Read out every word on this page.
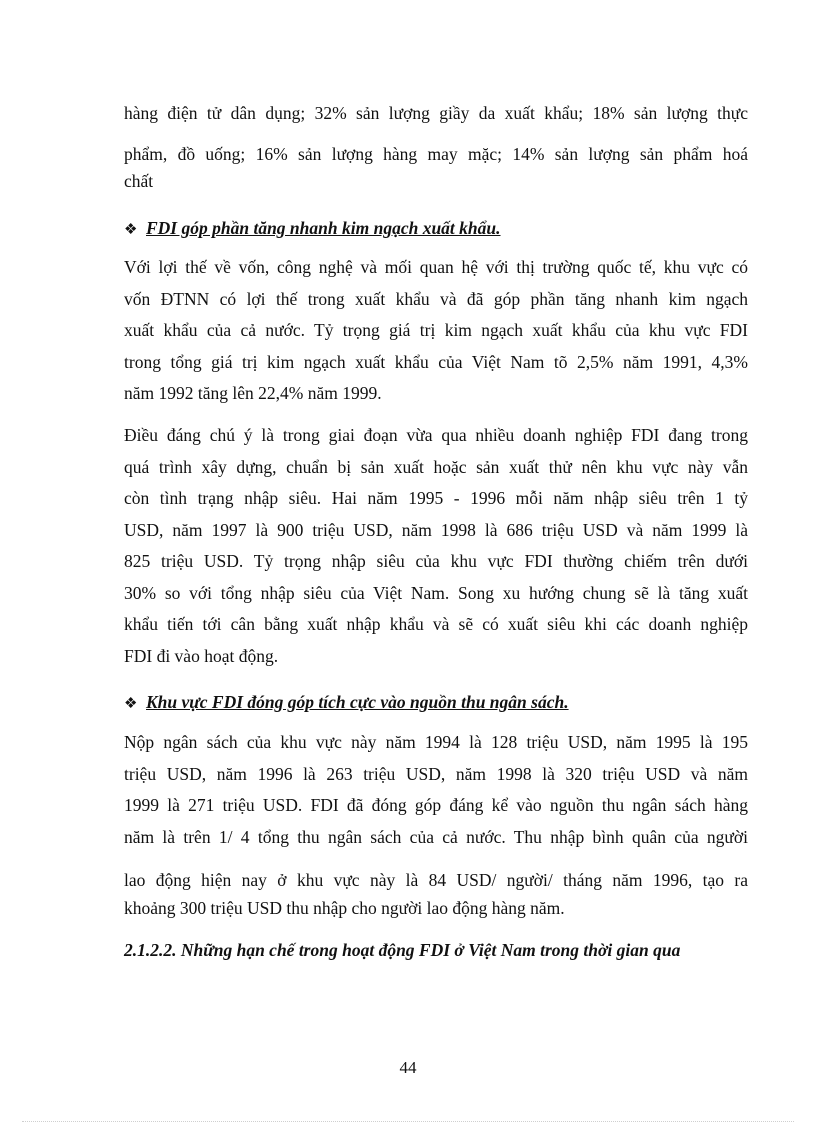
hàng điện tử dân dụng; 32% sản lượng giầy da xuất khẩu; 18% sản lượng thực
phẩm, đồ uống; 16% sản lượng hàng may mặc; 14% sản lượng sản phẩm hoá
chất
❖ FDI góp phần tăng nhanh kim ngạch xuất khẩu.
Với lợi thế về vốn, công nghệ và mối quan hệ với thị trường quốc tế, khu vực có
vốn ĐTNN có lợi thế trong xuất khẩu và đã góp phần tăng nhanh kim ngạch
xuất khẩu của cả nước. Tỷ trọng giá trị kim ngạch xuất khẩu của khu vực FDI
trong tổng giá trị kim ngạch xuất khẩu của Việt Nam tõ 2,5% năm 1991, 4,3%
năm 1992 tăng lên 22,4% năm 1999.
Điều đáng chú ý là trong giai đoạn vừa qua nhiều doanh nghiệp FDI đang trong
quá trình xây dựng, chuẩn bị sản xuất hoặc sản xuất thử nên khu vực này vẫn
còn tình trạng nhập siêu. Hai năm 1995 - 1996 mỗi năm nhập siêu trên 1 tỷ
USD, năm 1997 là 900 triệu USD, năm 1998 là 686 triệu USD và năm 1999 là
825 triệu USD. Tỷ trọng nhập siêu của khu vực FDI thường chiếm trên dưới
30% so với tổng nhập siêu của Việt Nam. Song xu hướng chung sẽ là tăng xuất
khẩu tiến tới cân bằng xuất nhập khẩu và sẽ có xuất siêu khi các doanh nghiệp
FDI đi vào hoạt động.
❖ Khu vực FDI đóng góp tích cực vào nguồn thu ngân sách.
Nộp ngân sách của khu vực này năm 1994 là 128 triệu USD, năm 1995 là 195
triệu USD, năm 1996 là 263 triệu USD, năm 1998 là 320 triệu USD và năm
1999 là 271 triệu USD. FDI đã đóng góp đáng kể vào nguồn thu ngân sách hàng
năm là trên 1/ 4 tổng thu ngân sách của cả nước. Thu nhập bình quân của người
lao động hiện nay ở khu vực này là 84 USD/ người/ tháng năm 1996, tạo ra
khoảng 300 triệu USD thu nhập cho người lao động hàng năm.
2.1.2.2. Những hạn chế trong hoạt động FDI ở Việt Nam trong thời gian qua
44
